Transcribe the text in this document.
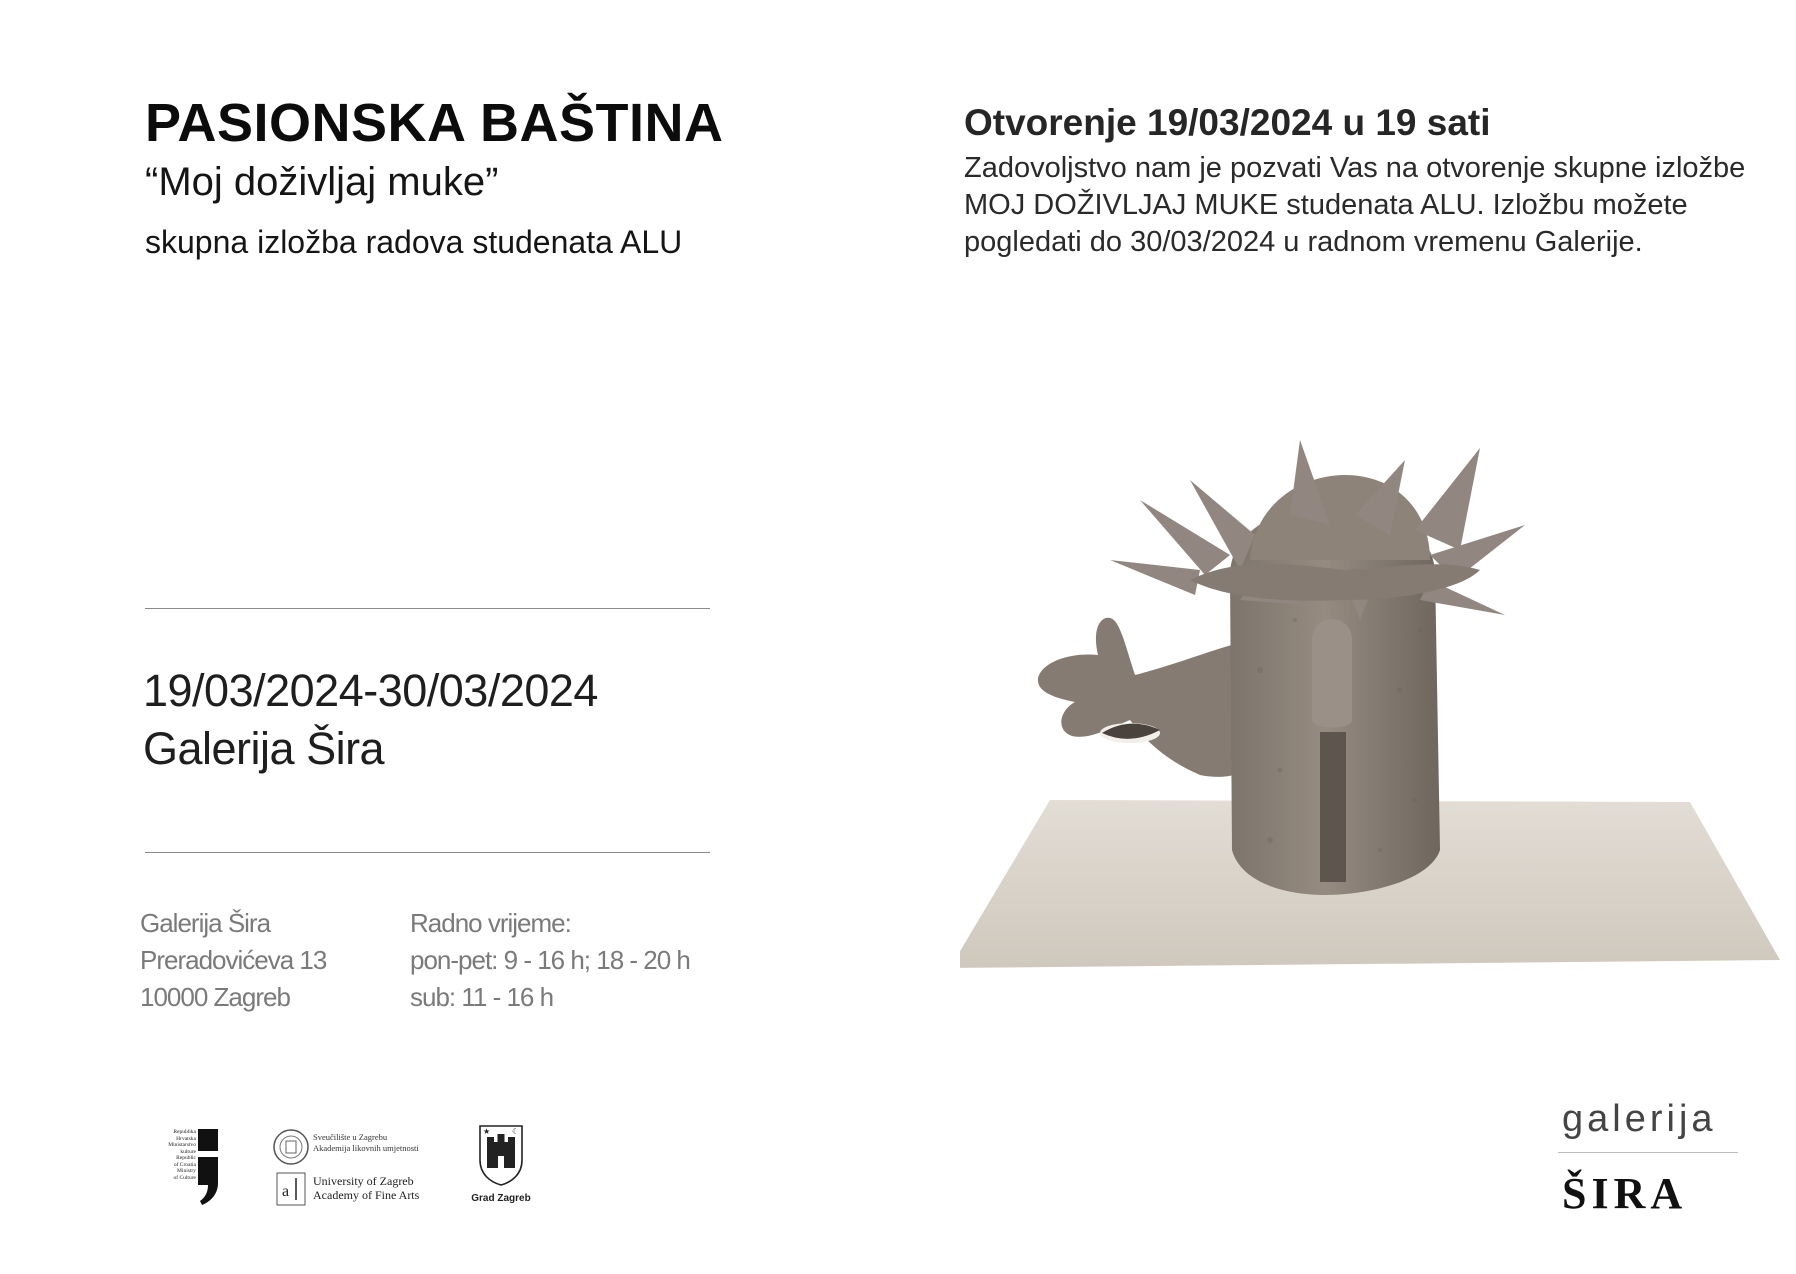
PASIONSKA BAŠTINA
“Moj doživljaj muke”
skupna izložba radova studenata ALU
Otvorenje 19/03/2024 u 19 sati
Zadovoljstvo nam je pozvati Vas na otvorenje skupne izložbe
MOJ DOŽIVLJAJ MUKE studenata ALU. Izložbu možete
pogledati do 30/03/2024 u radnom vremenu Galerije.
19/03/2024-30/03/2024
Galerija Šira
Galerija Šira
Preradovićeva 13
10000 Zagreb
Radno vrijeme:
pon-pet: 9 - 16 h; 18 - 20 h
sub: 11 - 16 h
Republika
Hrvatska
Ministarstvo
kulture
Republic
of Croatia
Ministry
of Culture
Sveučilište u Zagrebu
Akademija likovnih umjetnosti
a
University of Zagreb
Academy of Fine Arts
★	☾
Grad Zagreb
galerija
ŠIRA
